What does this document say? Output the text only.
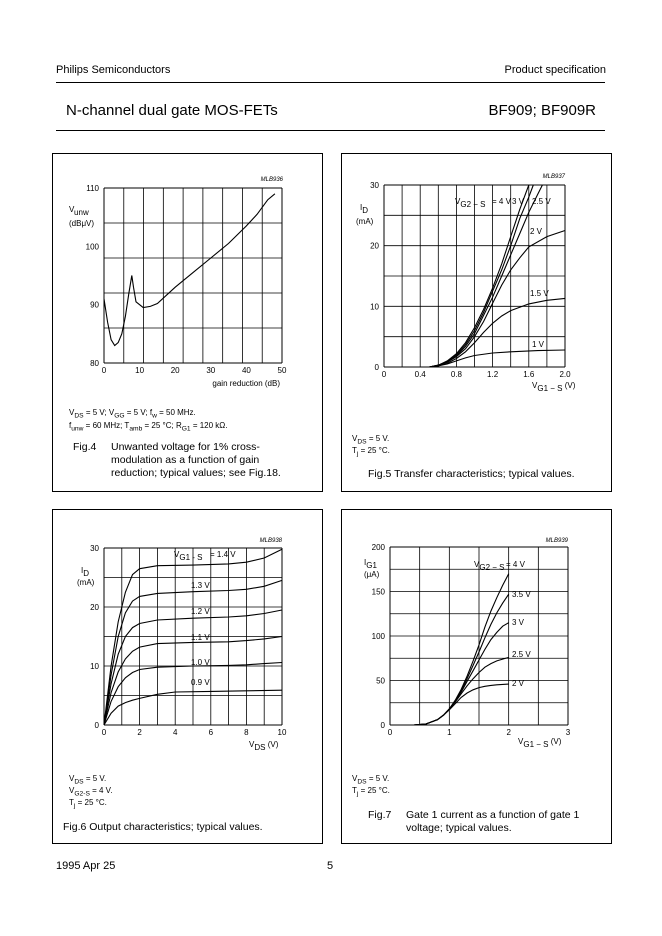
Philips Semiconductors	Product specification
N-channel dual gate MOS-FETs	BF909; BF909R
0	10	20	30	40	50
80
90
100
110
MLB936
Vunw
(dBμV)
gain reduction (dB)
$V_{DS} = 5$ V; $V_{GG} = 5$ V; $f_w = 50$ MHz.
$f_{unw} = 60$ MHz; $T_{amb} = 25$ °C; $R_{G1} = 120$ kΩ.
Fig.4 Unwanted voltage for 1% cross-modulation as a function of gain reduction; typical values; see Fig.18.
0	0.4	0.8	1.2	1.6	2.0
0
10
20
30
MLB937
ID
(mA)
VG1 − S (V)
VG2 − S = 4 V 3 V 2.5 V
2 V
1.5 V
1 V
$V_{DS} = 5$ V.
$T_j = 25$ °C.
Fig.5 Transfer characteristics; typical values.
0	2	4	6	8	10
0
10
20
30
MLB938
ID
(mA)
VDS (V)
VG1 - S = 1.4 V
1.3 V
1.2 V
1.1 V
1.0 V
0.9 V
$V_{DS} = 5$ V.
$V_{G2-S} = 4$ V.
$T_j = 25$ °C.
Fig.6 Output characteristics; typical values.
0	1	2	3
0
50
100
150
200
MLB939
IG1
(μA)
VG1 − S (V)
VG2 − S = 4 V
3.5 V
3 V
2.5 V
2 V
$V_{DS} = 5$ V.
$T_j = 25$ °C.
Fig.7 Gate 1 current as a function of gate 1 voltage; typical values.
1995 Apr 25	5
